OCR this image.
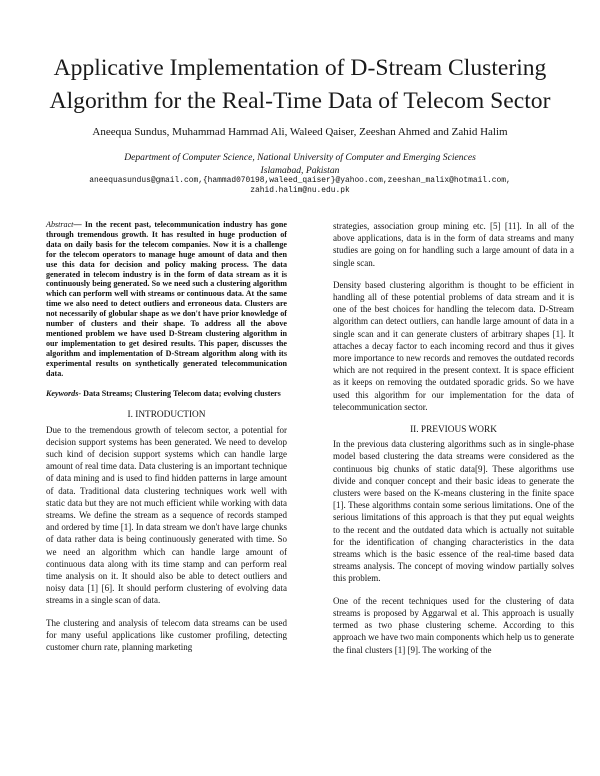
Applicative Implementation of D-Stream Clustering Algorithm for the Real-Time Data of Telecom Sector
Aneequa Sundus, Muhammad Hammad Ali, Waleed Qaiser, Zeeshan Ahmed and Zahid Halim
Department of Computer Science, National University of Computer and Emerging Sciences
Islamabad, Pakistan
aneequasundus@gmail.com,{hammad070198,waleed_qaiser}@yahoo.com,zeeshan_malix@hotmail.com,
zahid.halim@nu.edu.pk

Abstract— In the recent past, telecommunication industry has gone through tremendous growth. It has resulted in huge production of data on daily basis for the telecom companies. Now it is a challenge for the telecom operators to manage huge amount of data and then use this data for decision and policy making process. The data generated in telecom industry is in the form of data stream as it is continuously being generated. So we need such a clustering algorithm which can perform well with streams or continuous data. At the same time we also need to detect outliers and erroneous data. Clusters are not necessarily of globular shape as we don't have prior knowledge of number of clusters and their shape. To address all the above mentioned problem we have used D-Stream clustering algorithm in our implementation to get desired results. This paper, discusses the algorithm and implementation of D-Stream algorithm along with its experimental results on synthetically generated telecommunication data.

Keywords- Data Streams; Clustering Telecom data; evolving clusters

I. INTRODUCTION

Due to the tremendous growth of telecom sector, a potential for decision support systems has been generated. We need to develop such kind of decision support systems which can handle large amount of real time data. Data clustering is an important technique of data mining and is used to find hidden patterns in large amount of data. Traditional data clustering techniques work well with static data but they are not much efficient while working with data streams. We define the stream as a sequence of records stamped and ordered by time [1]. In data stream we don't have large chunks of data rather data is being continuously generated with time. So we need an algorithm which can handle large amount of continuous data along with its time stamp and can perform real time analysis on it. It should also be able to detect outliers and noisy data [1] [6]. It should perform clustering of evolving data streams in a single scan of data.

The clustering and analysis of telecom data streams can be used for many useful applications like customer profiling, detecting customer churn rate, planning marketing

strategies, association group mining etc. [5] [11]. In all of the above applications, data is in the form of data streams and many studies are going on for handling such a large amount of data in a single scan.

Density based clustering algorithm is thought to be efficient in handling all of these potential problems of data stream and it is one of the best choices for handling the telecom data. D-Stream algorithm can detect outliers, can handle large amount of data in a single scan and it can generate clusters of arbitrary shapes [1]. It attaches a decay factor to each incoming record and thus it gives more importance to new records and removes the outdated records which are not required in the present context. It is space efficient as it keeps on removing the outdated sporadic grids. So we have used this algorithm for our implementation for the data of telecommunication sector.

II. PREVIOUS WORK

In the previous data clustering algorithms such as in single-phase model based clustering the data streams were considered as the continuous big chunks of static data[9]. These algorithms use divide and conquer concept and their basic ideas to generate the clusters were based on the K-means clustering in the finite space [1]. These algorithms contain some serious limitations. One of the serious limitations of this approach is that they put equal weights to the recent and the outdated data which is actually not suitable for the identification of changing characteristics in the data streams which is the basic essence of the real-time based data streams analysis. The concept of moving window partially solves this problem.

One of the recent techniques used for the clustering of data streams is proposed by Aggarwal et al. This approach is usually termed as two phase clustering scheme. According to this approach we have two main components which help us to generate the final clusters [1] [9]. The working of the
